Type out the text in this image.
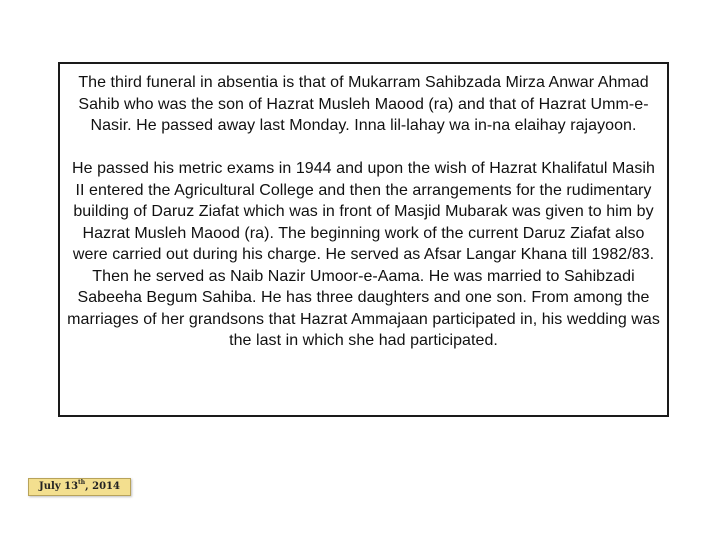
The third funeral in absentia is that of Mukarram Sahibzada Mirza Anwar Ahmad Sahib who was the son of Hazrat Musleh Maood (ra) and that of Hazrat Umm-e-Nasir. He passed away last Monday. Inna lil-lahay wa in-na elaihay rajayoon.

He passed his metric exams in 1944 and upon the wish of Hazrat Khalifatul Masih II entered the Agricultural College and then the arrangements for the rudimentary building of Daruz Ziafat which was in front of Masjid Mubarak was given to him by Hazrat Musleh Maood (ra). The beginning work of the current Daruz Ziafat also were carried out during his charge. He served as Afsar Langar Khana till 1982/83. Then he served as Naib Nazir Umoor-e-Aama. He was married to Sahibzadi Sabeeha Begum Sahiba. He has three daughters and one son. From among the marriages of her grandsons that Hazrat Ammajaan participated in, his wedding was the last in which she had participated.

July 13th, 2014
